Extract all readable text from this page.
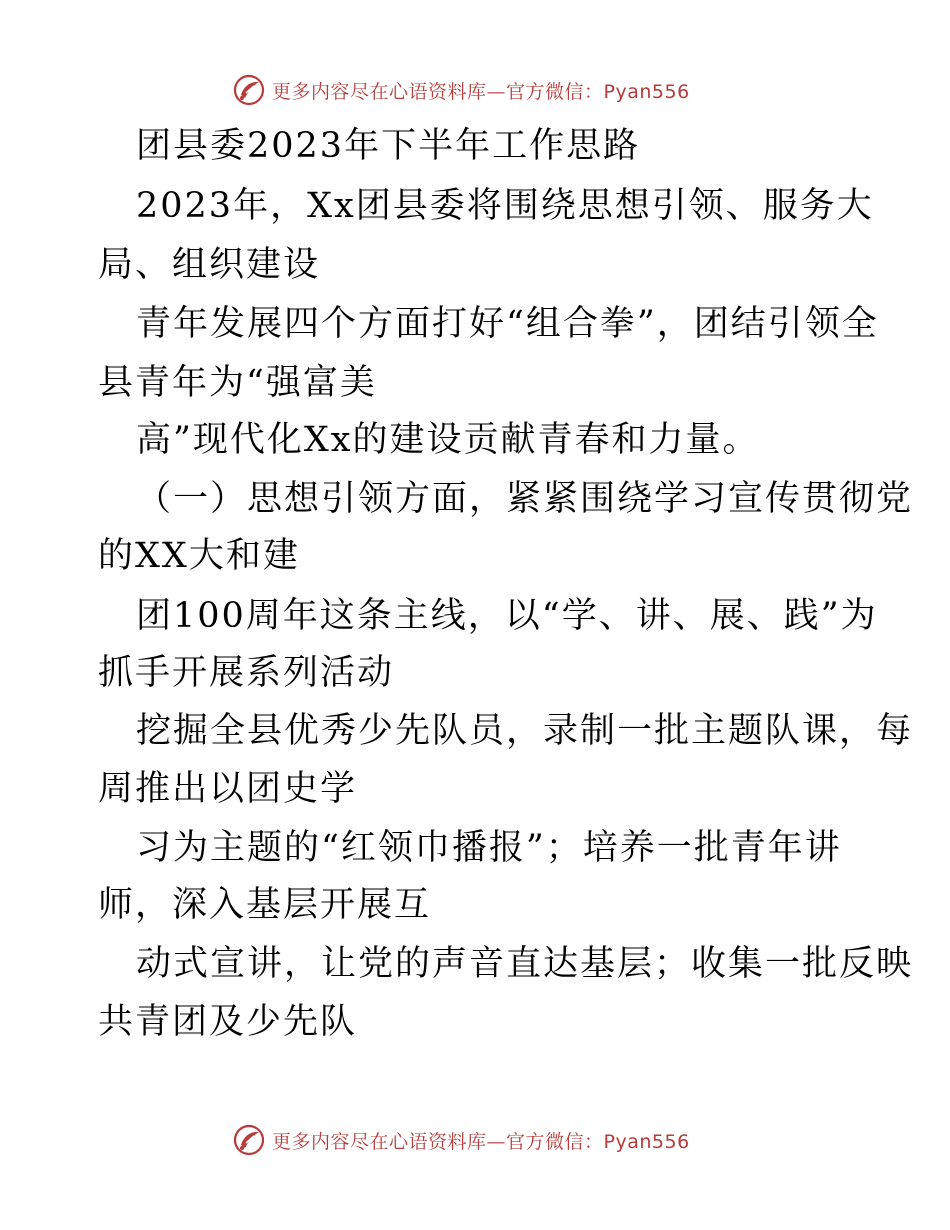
更多内容尽在心语资料库—官方微信：Pyan556
团县委2023年下半年工作思路
2023年，Xx团县委将围绕思想引领、服务大
局、组织建设
青年发展四个方面打好“组合拳”，团结引领全
县青年为“强富美
高”现代化Xx的建设贡献青春和力量。
（一）思想引领方面，紧紧围绕学习宣传贯彻党
的XX大和建
团100周年这条主线，以“学、讲、展、践”为
抓手开展系列活动
挖掘全县优秀少先队员，录制一批主题队课，每
周推出以团史学
习为主题的“红领巾播报”；培养一批青年讲
师，深入基层开展互
动式宣讲，让党的声音直达基层；收集一批反映
共青团及少先队
更多内容尽在心语资料库—官方微信：Pyan556
